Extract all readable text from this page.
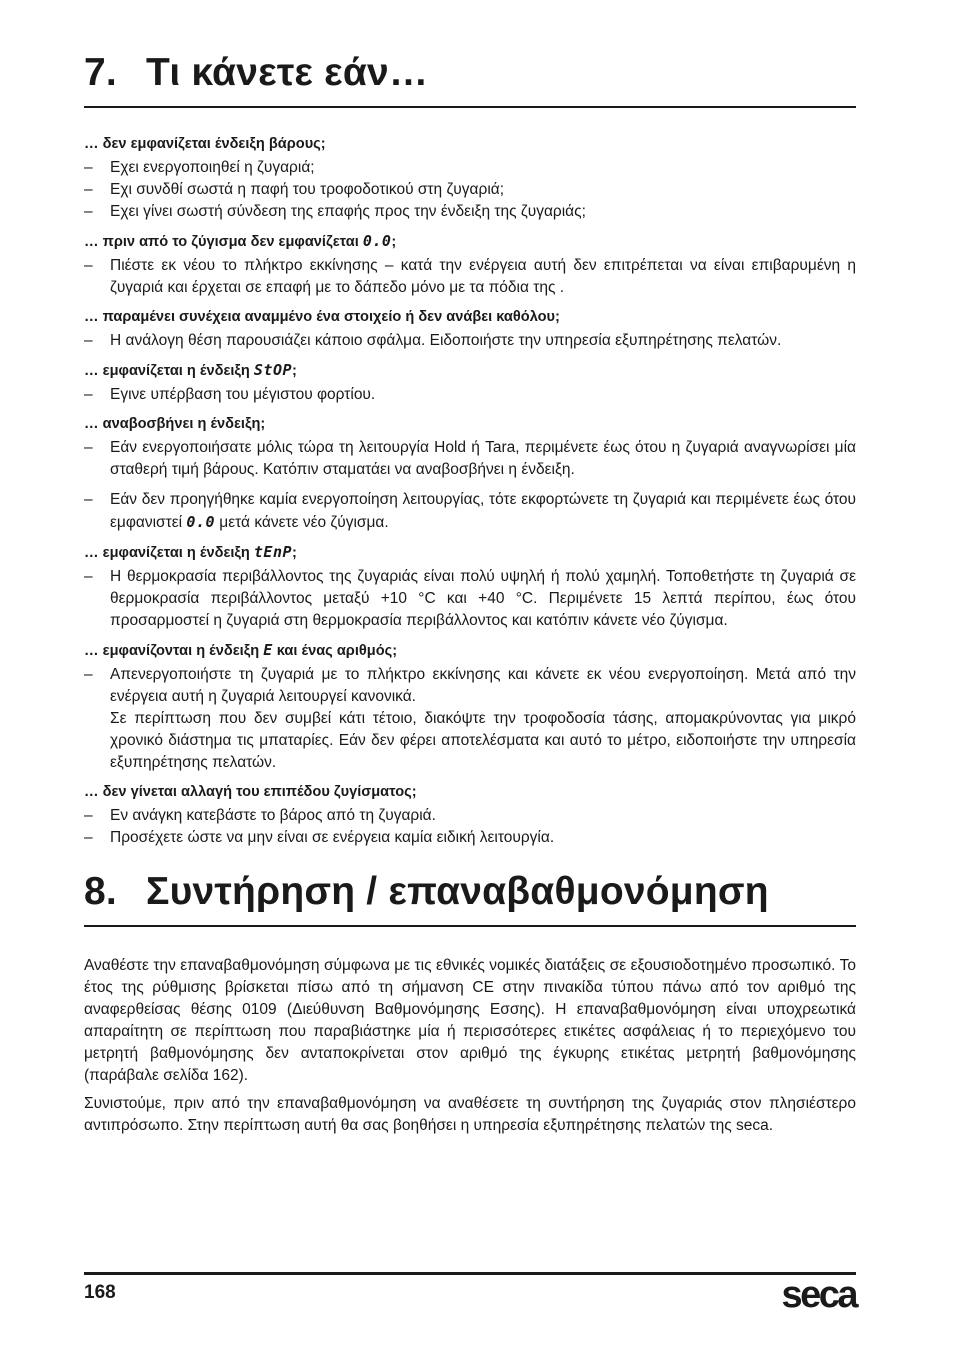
7. Τι κάνετε εάν…
… δεν εμφανίζεται ένδειξη βάρους;
– Εχει ενεργοποιηθεί η ζυγαριά;
– Εχι συνδθί σωστά η παφή του τροφοδοτικού στη ζυγαριά;
– Εχει γίνει σωστή σύνδεση της επαφής προς την ένδειξη της ζυγαριάς;
… πριν από το ζύγισμα δεν εμφανίζεται 0.0;
– Πιέστε εκ νέου το πλήκτρο εκκίνησης – κατά την ενέργεια αυτή δεν επιτρέπεται να είναι επιβαρυμένη η ζυγαριά και έρχεται σε επαφή με το δάπεδο μόνο με τα πόδια της .
… παραμένει συνέχεια αναμμένο ένα στοιχείο ή δεν ανάβει καθόλου;
– Η ανάλογη θέση παρουσιάζει κάποιο σφάλμα. Ειδοποιήστε την υπηρεσία εξυπηρέτησης πελατών.
… εμφανίζεται η ένδειξη StOP;
– Εγινε υπέρβαση του μέγιστου φορτίου.
… αναβοσβήνει η ένδειξη;
– Εάν ενεργοποιήσατε μόλις τώρα τη λειτουργία Hold ή Tara, περιμένετε έως ότου η ζυγαριά αναγνωρίσει μία σταθερή τιμή βάρους. Κατόπιν σταματάει να αναβοσβήνει η ένδειξη.
– Εάν δεν προηγήθηκε καμία ενεργοποίηση λειτουργίας, τότε εκφορτώνετε τη ζυγαριά και περιμένετε έως ότου εμφανιστεί 0.0 μετά κάνετε νέο ζύγισμα.
… εμφανίζεται η ένδειξη tEnP;
– Η θερμοκρασία περιβάλλοντος της ζυγαριάς είναι πολύ υψηλή ή πολύ χαμηλή. Τοποθετήστε τη ζυγαριά σε θερμοκρασία περιβάλλοντος μεταξύ +10 °C και +40 °C. Περιμένετε 15 λεπτά περίπου, έως ότου προσαρμοστεί η ζυγαριά στη θερμοκρασία περιβάλλοντος και κατόπιν κάνετε νέο ζύγισμα.
… εμφανίζονται η ένδειξη E και ένας αριθμός;
– Απενεργοποιήστε τη ζυγαριά με το πλήκτρο εκκίνησης και κάνετε εκ νέου ενεργοποίηση. Μετά από την ενέργεια αυτή η ζυγαριά λειτουργεί κανονικά.
Σε περίπτωση που δεν συμβεί κάτι τέτοιο, διακόψτε την τροφοδοσία τάσης, απομακρύνοντας για μικρό χρονικό διάστημα τις μπαταρίες. Εάν δεν φέρει αποτελέσματα και αυτό το μέτρο, ειδοποιήστε την υπηρεσία εξυπηρέτησης πελατών.
… δεν γίνεται αλλαγή του επιπέδου ζυγίσματος;
– Εν ανάγκη κατεβάστε το βάρος από τη ζυγαριά.
– Προσέχετε ώστε να μην είναι σε ενέργεια καμία ειδική λειτουργία.
8. Συντήρηση / επαναβαθμονόμηση

Αναθέστε την επαναβαθμονόμηση σύμφωνα με τις εθνικές νομικές διατάξεις σε εξουσιοδοτημένο προσωπικό. Το έτος της ρύθμισης βρίσκεται πίσω από τη σήμανση CE στην πινακίδα τύπου πάνω από τον αριθμό της αναφερθείσας θέσης 0109 (Διεύθυνση Βαθμονόμησης Εσσης). Η επαναβαθμονόμηση είναι υποχρεωτικά απαραίτητη σε περίπτωση που παραβιάστηκε μία ή περισσότερες ετικέτες ασφάλειας ή το περιεχόμενο του μετρητή βαθμονόμησης δεν ανταποκρίνεται στον αριθμό της έγκυρης ετικέτας μετρητή βαθμονόμησης (παράβαλε σελίδα 162).

Συνιστούμε, πριν από την επαναβαθμονόμηση να αναθέσετε τη συντήρηση της ζυγαριάς στον πλησιέστερο αντιπρόσωπο. Στην περίπτωση αυτή θα σας βοηθήσει η υπηρεσία εξυπηρέτησης πελατών της seca.

168	seca
